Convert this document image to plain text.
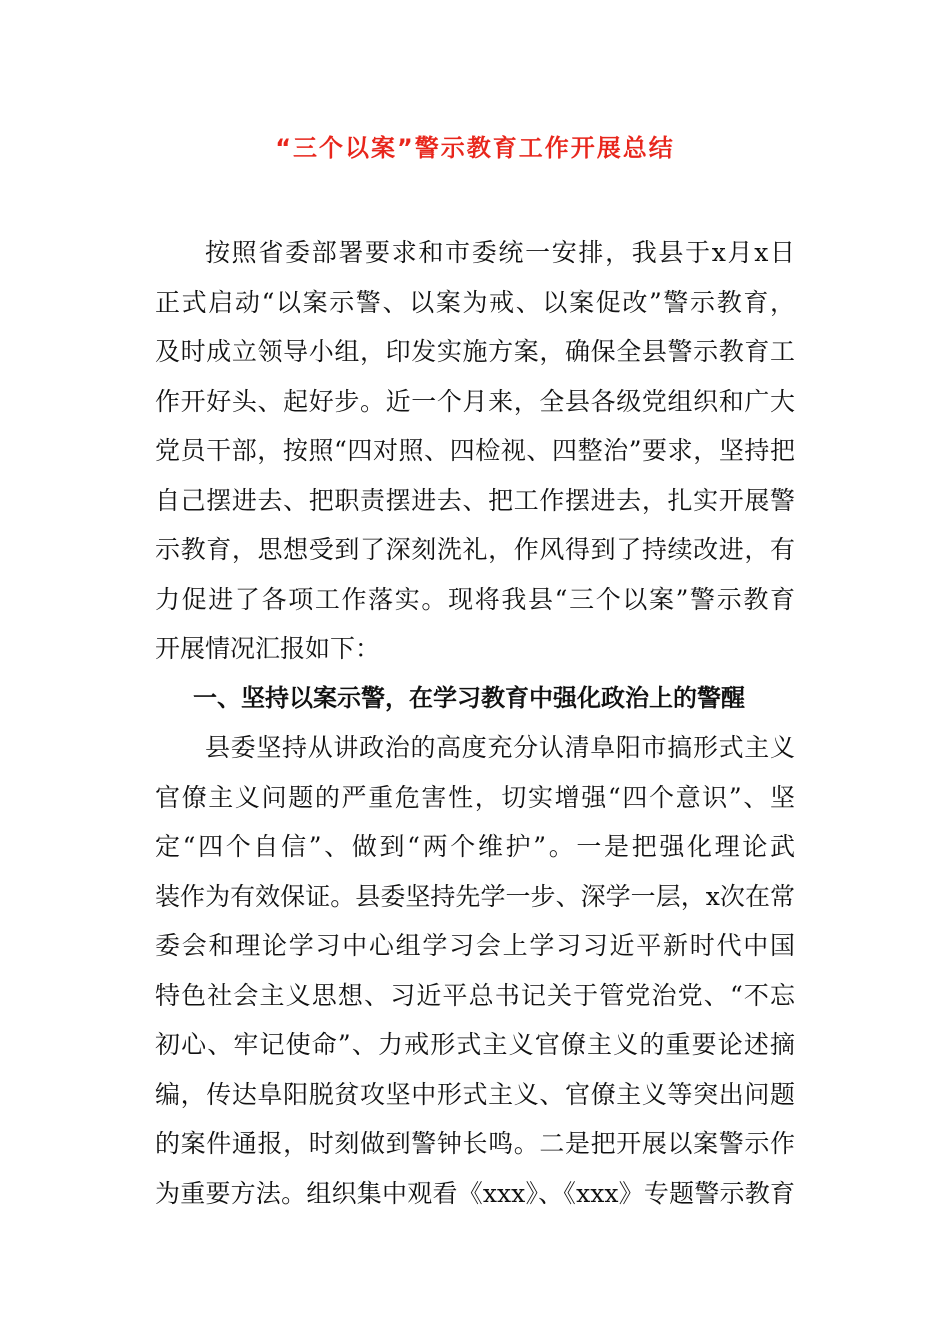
“三个以案”警示教育工作开展总结
按照省委部署要求和市委统一安排，我县于x月x日
正式启动“以案示警、以案为戒、以案促改”警示教育，
及时成立领导小组，印发实施方案，确保全县警示教育工
作开好头、起好步。近一个月来，全县各级党组织和广大
党员干部，按照“四对照、四检视、四整治”要求，坚持把
自己摆进去、把职责摆进去、把工作摆进去，扎实开展警
示教育，思想受到了深刻洗礼，作风得到了持续改进，有
力促进了各项工作落实。现将我县“三个以案”警示教育
开展情况汇报如下：
一、坚持以案示警，在学习教育中强化政治上的警醒
县委坚持从讲政治的高度充分认清阜阳市搞形式主义
官僚主义问题的严重危害性，切实增强“四个意识”、坚
定“四个自信”、做到“两个维护”。一是把强化理论武
装作为有效保证。县委坚持先学一步、深学一层，x次在常
委会和理论学习中心组学习会上学习习近平新时代中国
特色社会主义思想、习近平总书记关于管党治党、“不忘
初心、牢记使命”、力戒形式主义官僚主义的重要论述摘
编，传达阜阳脱贫攻坚中形式主义、官僚主义等突出问题
的案件通报，时刻做到警钟长鸣。二是把开展以案警示作
为重要方法。组织集中观看《xxx》、《xxx》专题警示教育
